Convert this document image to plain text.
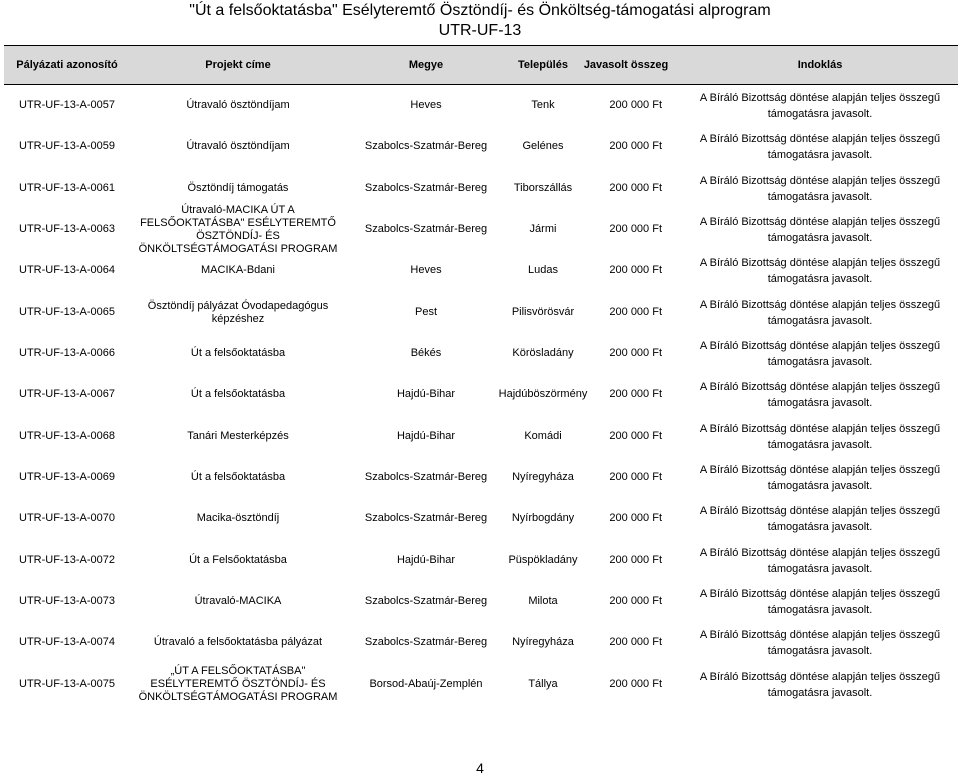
"Út a felsőoktatásba" Esélyteremtő Ösztöndíj- és Önköltség-támogatási alprogram
UTR-UF-13
Pályázati azonosító	Projekt címe	Megye	Település	Javasolt összeg	Indoklás
UTR-UF-13-A-0057	Útravaló ösztöndíjam	Heves	Tenk	200 000 Ft
A Bíráló Bizottság döntése alapján teljes összegű támogatásra javasolt.
UTR-UF-13-A-0059	Útravaló ösztöndíjam	Szabolcs-Szatmár-Bereg	Gelénes	200 000 Ft
A Bíráló Bizottság döntése alapján teljes összegű támogatásra javasolt.
UTR-UF-13-A-0061	Ösztöndíj támogatás	Szabolcs-Szatmár-Bereg	Tiborszállás	200 000 Ft
A Bíráló Bizottság döntése alapján teljes összegű támogatásra javasolt.
UTR-UF-13-A-0063
Útravaló-MACIKA ÚT A FELSŐOKTATÁSBA" ESÉLYTEREMTŐ ÖSZTÖNDÍJ- ÉS ÖNKÖLTSÉGTÁMOGATÁSI PROGRAM
Szabolcs-Szatmár-Bereg	Jármi	200 000 Ft
A Bíráló Bizottság döntése alapján teljes összegű támogatásra javasolt.
UTR-UF-13-A-0064	MACIKA-Bdani	Heves	Ludas	200 000 Ft
A Bíráló Bizottság döntése alapján teljes összegű támogatásra javasolt.
UTR-UF-13-A-0065
Ösztöndíj pályázat Óvodapedagógus képzéshez
Pest	Pilisvörösvár	200 000 Ft
A Bíráló Bizottság döntése alapján teljes összegű támogatásra javasolt.
UTR-UF-13-A-0066	Út a felsőoktatásba	Békés	Körösladány	200 000 Ft
A Bíráló Bizottság döntése alapján teljes összegű támogatásra javasolt.
UTR-UF-13-A-0067	Út a felsőoktatásba	Hajdú-Bihar	Hajdúböszörmény	200 000 Ft
A Bíráló Bizottság döntése alapján teljes összegű támogatásra javasolt.
UTR-UF-13-A-0068	Tanári Mesterképzés	Hajdú-Bihar	Komádi	200 000 Ft
A Bíráló Bizottság döntése alapján teljes összegű támogatásra javasolt.
UTR-UF-13-A-0069	Út a felsőoktatásba	Szabolcs-Szatmár-Bereg	Nyíregyháza	200 000 Ft
A Bíráló Bizottság döntése alapján teljes összegű támogatásra javasolt.
UTR-UF-13-A-0070	Macika-ösztöndíj	Szabolcs-Szatmár-Bereg	Nyírbogdány	200 000 Ft
A Bíráló Bizottság döntése alapján teljes összegű támogatásra javasolt.
UTR-UF-13-A-0072	Út a Felsőoktatásba	Hajdú-Bihar	Püspökladány	200 000 Ft
A Bíráló Bizottság döntése alapján teljes összegű támogatásra javasolt.
UTR-UF-13-A-0073	Útravaló-MACIKA	Szabolcs-Szatmár-Bereg	Milota	200 000 Ft
A Bíráló Bizottság döntése alapján teljes összegű támogatásra javasolt.
UTR-UF-13-A-0074	Útravaló a felsőoktatásba pályázat	Szabolcs-Szatmár-Bereg	Nyíregyháza	200 000 Ft
A Bíráló Bizottság döntése alapján teljes összegű támogatásra javasolt.
UTR-UF-13-A-0075
„ÚT A FELSŐOKTATÁSBA" ESÉLYTEREMTŐ ÖSZTÖNDÍJ- ÉS ÖNKÖLTSÉGTÁMOGATÁSI PROGRAM
Borsod-Abaúj-Zemplén	Tállya	200 000 Ft
A Bíráló Bizottság döntése alapján teljes összegű támogatásra javasolt.
4
